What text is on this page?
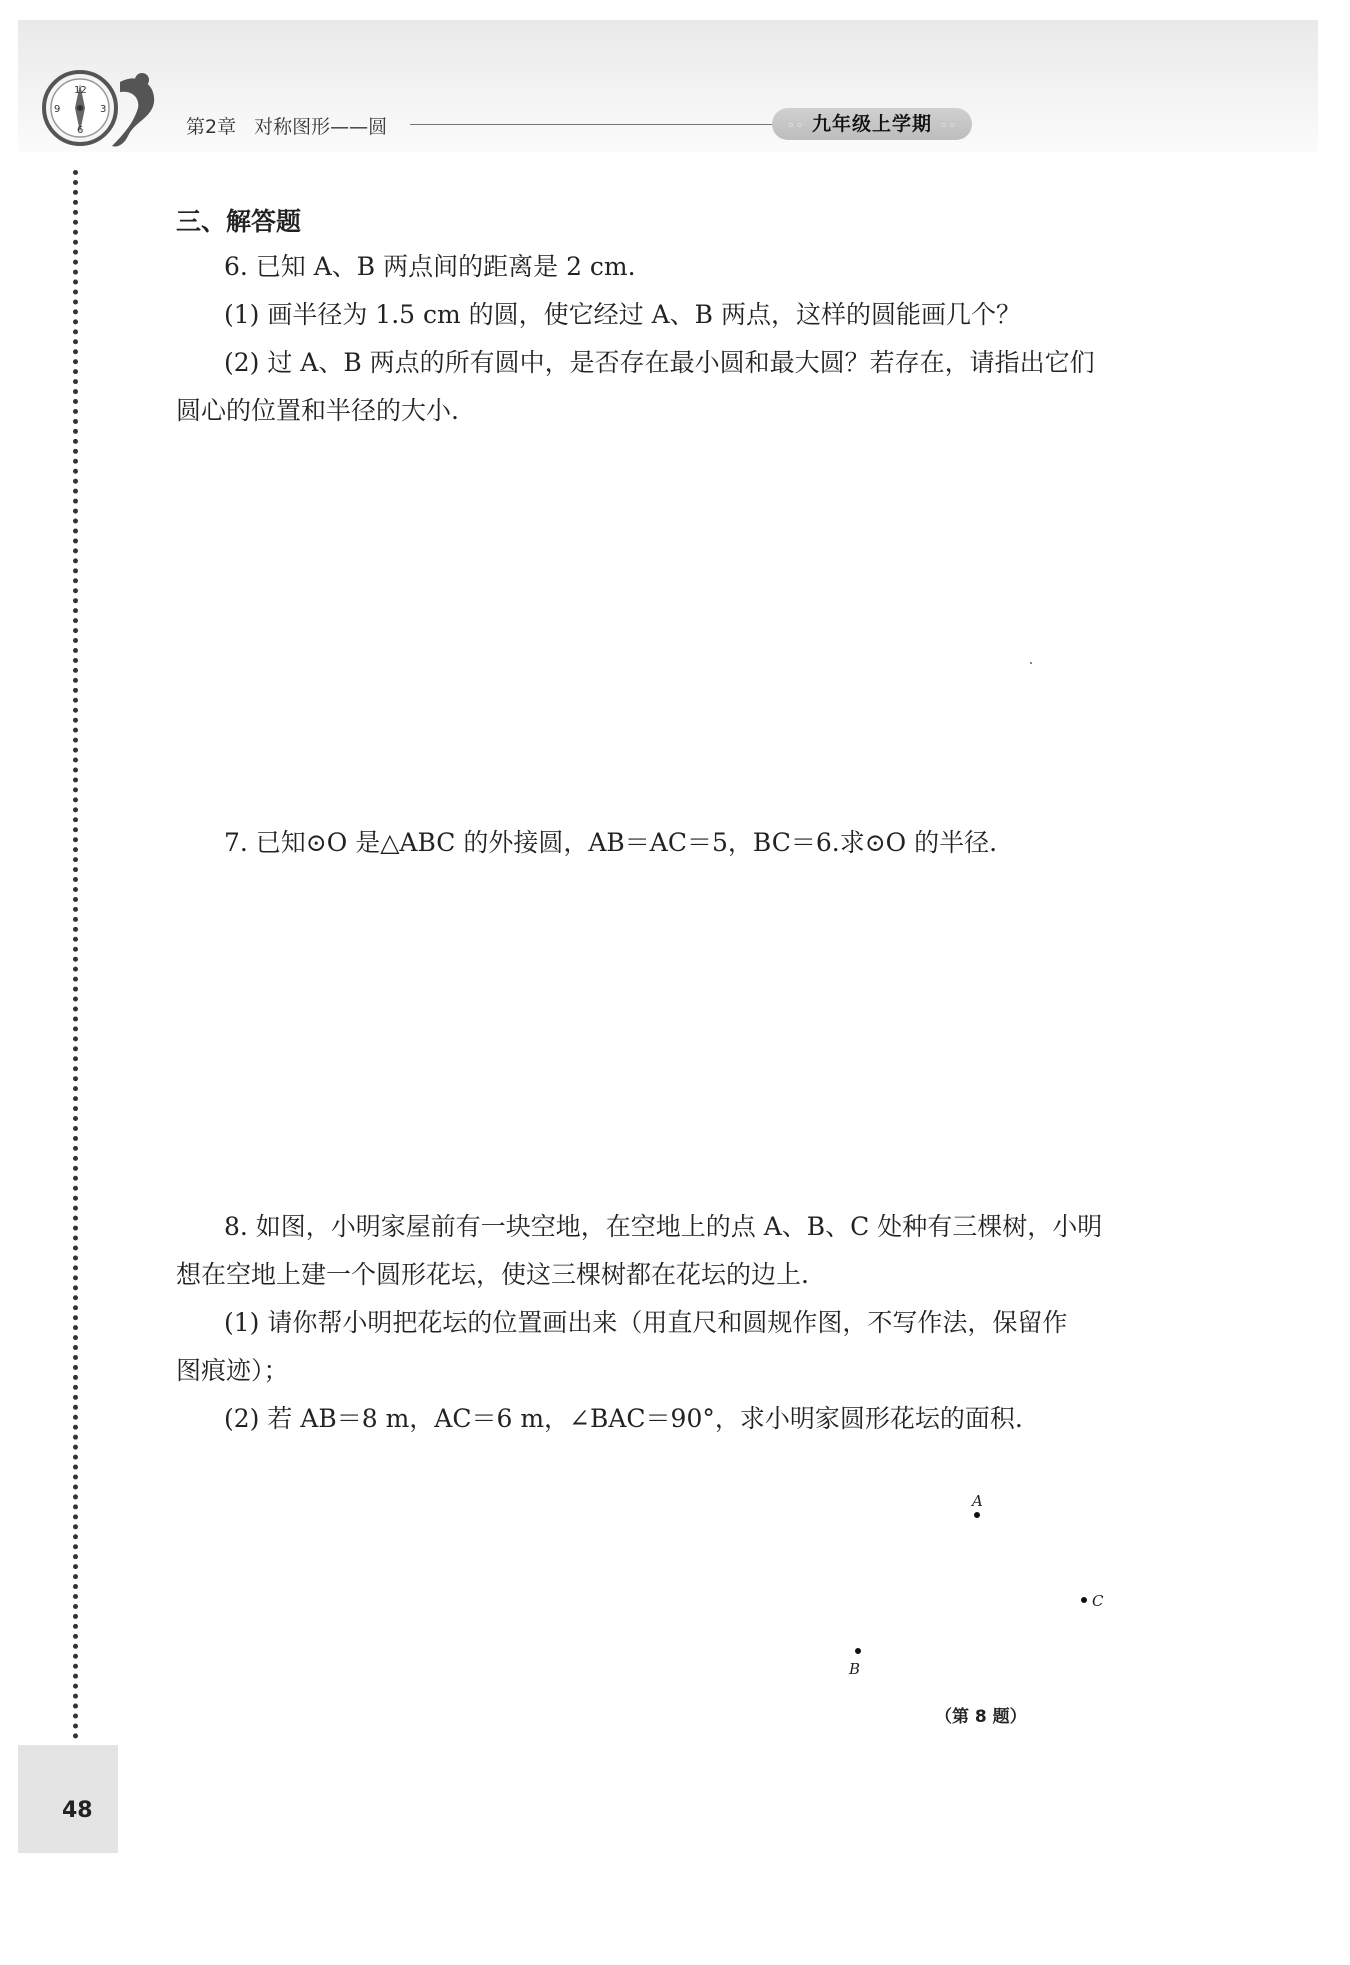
12
3
6
9
第2章 对称图形——圆	◦◦ 九年级上学期 ◦◦
三、解答题
6. 已知 A、B 两点间的距离是 2 cm.
(1) 画半径为 1.5 cm 的圆，使它经过 A、B 两点，这样的圆能画几个？
(2) 过 A、B 两点的所有圆中，是否存在最小圆和最大圆？若存在，请指出它们
圆心的位置和半径的大小.
7. 已知⊙O 是△ABC 的外接圆，AB＝AC＝5，BC＝6.求⊙O 的半径.
8. 如图，小明家屋前有一块空地，在空地上的点 A、B、C 处种有三棵树，小明
想在空地上建一个圆形花坛，使这三棵树都在花坛的边上.
(1) 请你帮小明把花坛的位置画出来（用直尺和圆规作图，不写作法，保留作
图痕迹）；
(2) 若 AB＝8 m，AC＝6 m，∠BAC＝90°，求小明家圆形花坛的面积.
A
C
B
（第 8 题）
48
